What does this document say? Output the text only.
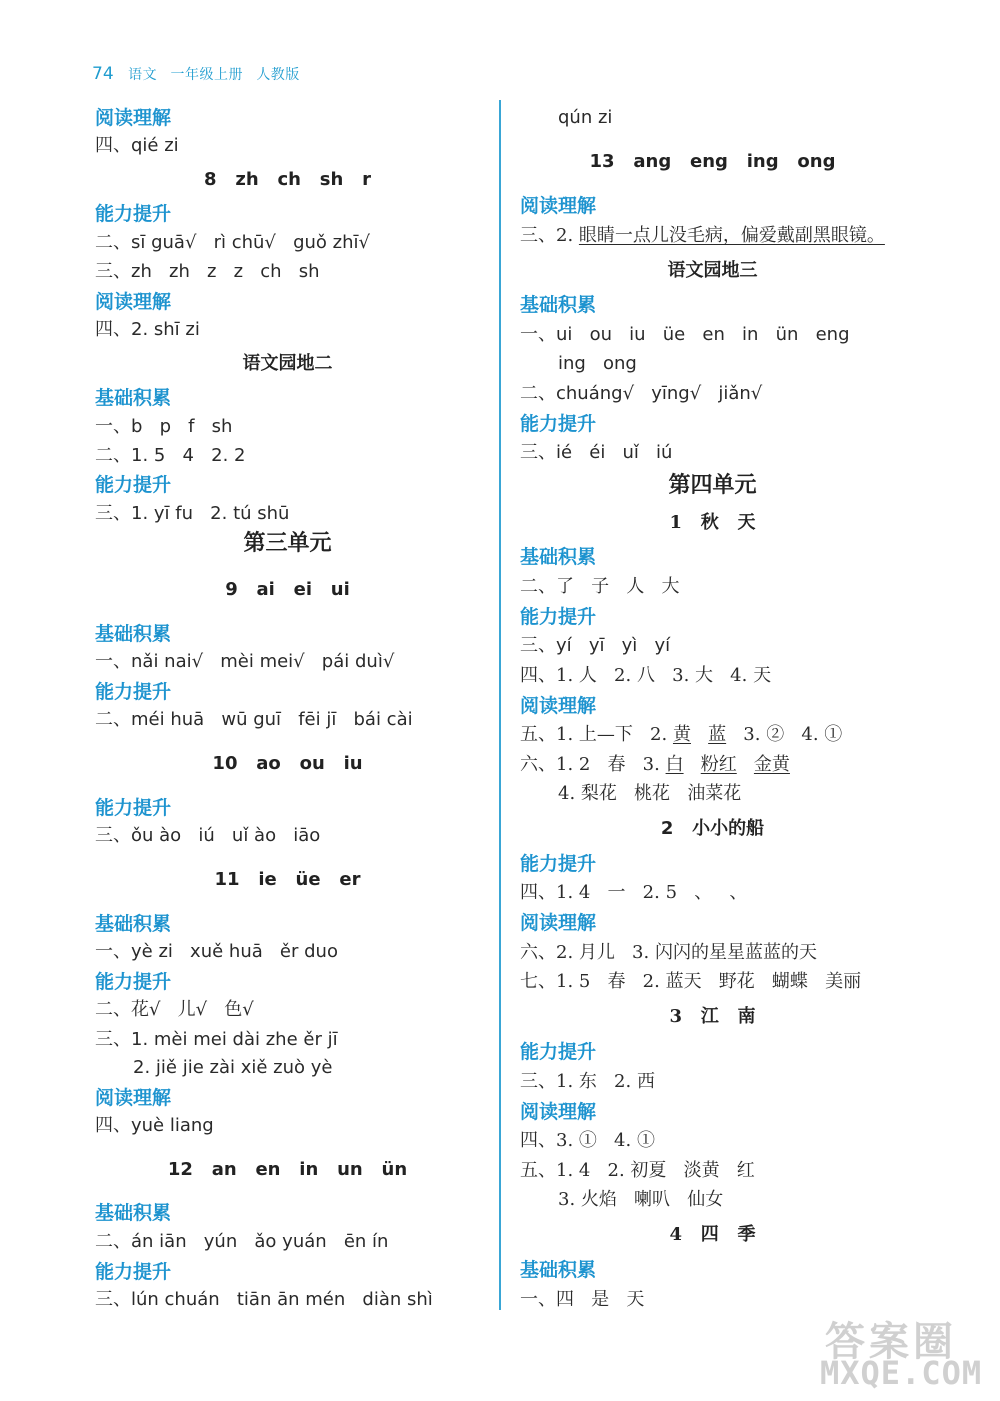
74 语文 一年级上册 人教版
阅读理解
四、qié zi
8   zh   ch   sh   r
能力提升
二、sī guā√   rì chū√   guǒ zhī√
三、zh   zh   z   z   ch   sh
阅读理解
四、2. shī zi
语文园地二
基础积累
一、b   p   f   sh
二、1. 5   4   2. 2
能力提升
三、1. yī fu   2. tú shū
第三单元
9   ai   ei   ui
基础积累
一、nǎi nai√   mèi mei√   pái duì√
能力提升
二、méi huā   wū guī   fēi jī   bái cài
10   ao   ou   iu
能力提升
三、ǒu ào   iú   uǐ ào   iāo
11   ie   üe   er
基础积累
一、yè zi   xuě huā   ěr duo
能力提升
二、花√   儿√   色√
三、1. mèi mei dài zhe ěr jī
2. jiě jie zài xiě zuò yè
阅读理解
四、yuè liang
12   an   en   in   un   ün
基础积累
二、án iān   yún   ǎo yuán   ēn ín
能力提升
三、lún chuán   tiān ān mén   diàn shì
qún zi
13   ang   eng   ing   ong
阅读理解
三、2. 眼睛一点儿没毛病，偏爱戴副黑眼镜。
语文园地三
基础积累
一、ui   ou   iu   üe   en   in   ün   eng
ing   ong
二、chuáng√   yīng√   jiǎn√
能力提升
三、ié   éi   uǐ   iú
第四单元
1   秋   天
基础积累
二、了   子   人   大
能力提升
三、yí   yī   yì   yí
四、1. 人   2. 八   3. 大   4. 天
阅读理解
五、1. 上—下   2. 黄 蓝   3. ②   4. ①
六、1. 2   春   3. 白 粉红 金黄
4. 梨花   桃花   油菜花
2   小小的船
能力提升
四、1. 4   一   2. 5   、   、
阅读理解
六、2. 月儿   3. 闪闪的星星蓝蓝的天
七、1. 5   春   2. 蓝天   野花   蝴蝶   美丽
3   江   南
能力提升
三、1. 东   2. 西
阅读理解
四、3. ①   4. ①
五、1. 4   2. 初夏   淡黄   红
3. 火焰   喇叭   仙女
4   四   季
基础积累
一、四   是   天
答案圈
MXQE.COM
